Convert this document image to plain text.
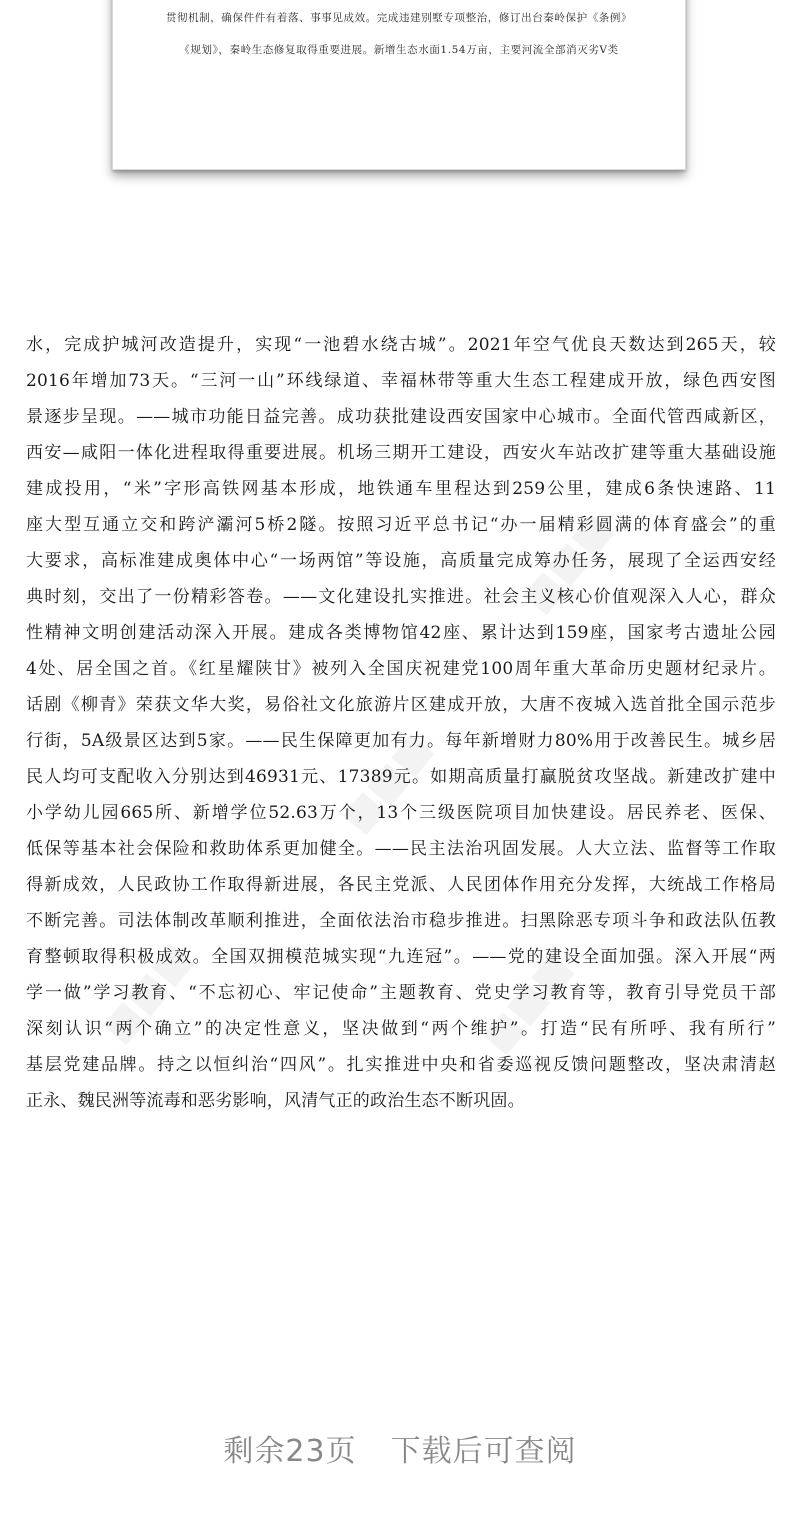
贯彻机制，确保件件有着落、事事见成效。完成违建别墅专项整治，修订出台秦岭保护《条例》
《规划》，秦岭生态修复取得重要进展。新增生态水面1.54万亩，主要河流全部消灭劣Ⅴ类
■■■
■■■
■■■	■■■
水，完成护城河改造提升，实现“一池碧水绕古城”。2021年空气优良天数达到265天，较
2016年增加73天。“三河一山”环线绿道、幸福林带等重大生态工程建成开放，绿色西安图
景逐步呈现。——城市功能日益完善。成功获批建设西安国家中心城市。全面代管西咸新区，
西安—咸阳一体化进程取得重要进展。机场三期开工建设，西安火车站改扩建等重大基础设施
建成投用，“米”字形高铁网基本形成，地铁通车里程达到259公里，建成6条快速路、11
座大型互通立交和跨浐灞河5桥2隧。按照习近平总书记“办一届精彩圆满的体育盛会”的重
大要求，高标准建成奥体中心“一场两馆”等设施，高质量完成筹办任务，展现了全运西安经
典时刻，交出了一份精彩答卷。——文化建设扎实推进。社会主义核心价值观深入人心，群众
性精神文明创建活动深入开展。建成各类博物馆42座、累计达到159座，国家考古遗址公园
4处、居全国之首。《红星耀陕甘》被列入全国庆祝建党100周年重大革命历史题材纪录片。
话剧《柳青》荣获文华大奖，易俗社文化旅游片区建成开放，大唐不夜城入选首批全国示范步
行街，5A级景区达到5家。——民生保障更加有力。每年新增财力80%用于改善民生。城乡居
民人均可支配收入分别达到46931元、17389元。如期高质量打赢脱贫攻坚战。新建改扩建中
小学幼儿园665所、新增学位52.63万个，13个三级医院项目加快建设。居民养老、医保、
低保等基本社会保险和救助体系更加健全。——民主法治巩固发展。人大立法、监督等工作取
得新成效，人民政协工作取得新进展，各民主党派、人民团体作用充分发挥，大统战工作格局
不断完善。司法体制改革顺利推进，全面依法治市稳步推进。扫黑除恶专项斗争和政法队伍教
育整顿取得积极成效。全国双拥模范城实现“九连冠”。——党的建设全面加强。深入开展“两
学一做”学习教育、“不忘初心、牢记使命”主题教育、党史学习教育等，教育引导党员干部
深刻认识“两个确立”的决定性意义，坚决做到“两个维护”。打造“民有所呼、我有所行”
基层党建品牌。持之以恒纠治“四风”。扎实推进中央和省委巡视反馈问题整改，坚决肃清赵
正永、魏民洲等流毒和恶劣影响，风清气正的政治生态不断巩固。
剩余23页 下载后可查阅
